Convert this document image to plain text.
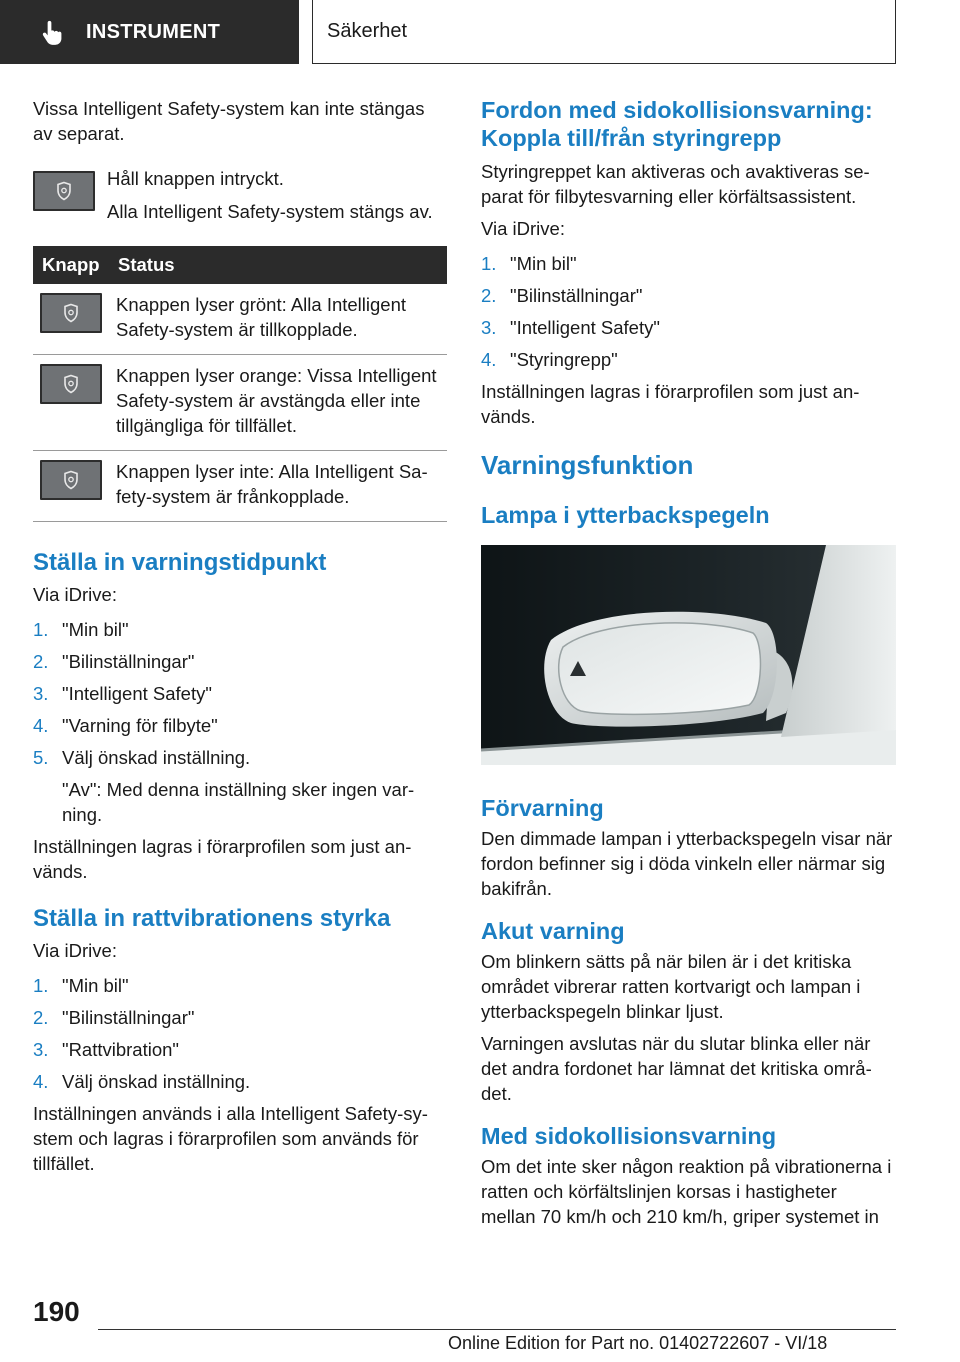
INSTRUMENT	Säkerhet

Vissa Intelligent Safety-system kan inte stängas av separat.

Håll knappen intryckt.

Alla Intelligent Safety-system stängs av.

Knapp	Status

	Knappen lyser grönt: Alla Intelligent Safety-system är tillkopplade.

	Knappen lyser orange: Vissa Intelligent Safety-system är avstängda eller inte tillgängliga för tillfället.

	Knappen lyser inte: Alla Intelligent Safety-system är frånkopplade.
Ställa in varningstidpunkt

Via iDrive:

1. "Min bil"
2. "Bilinställningar"
3. "Intelligent Safety"
4. "Varning för filbyte"
5. Välj önskad inställning.
"Av": Med denna inställning sker ingen varning.

Inställningen lagras i förarprofilen som just används.

Ställa in rattvibrationens styrka

Via iDrive:

1. "Min bil"
2. "Bilinställningar"
3. "Rattvibration"
4. Välj önskad inställning.

Inställningen används i alla Intelligent Safety-system och lagras i förarprofilen som används för tillfället.

Fordon med sidokollisionsvarning: Koppla till/från styringrepp

Styringreppet kan aktiveras och avaktiveras separat för filbytesvarning eller körfältsassistent.

Via iDrive:

1. "Min bil"
2. "Bilinställningar"
3. "Intelligent Safety"
4. "Styringrepp"

Inställningen lagras i förarprofilen som just används.

Varningsfunktion
Lampa i ytterbackspegeln
Förvarning

Den dimmade lampan i ytterbackspegeln visar när fordon befinner sig i döda vinkeln eller närmar sig bakifrån.

Akut varning

Om blinkern sätts på när bilen är i det kritiska området vibrerar ratten kortvarigt och lampan i ytterbackspegeln blinkar ljust.

Varningen avslutas när du slutar blinka eller när det andra fordonet har lämnat det kritiska området.

Med sidokollisionsvarning

Om det inte sker någon reaktion på vibrationerna i ratten och körfältslinjen korsas i hastigheter mellan 70 km/h och 210 km/h, griper systemet in

190
Online Edition for Part no. 01402722607 - VI/18
